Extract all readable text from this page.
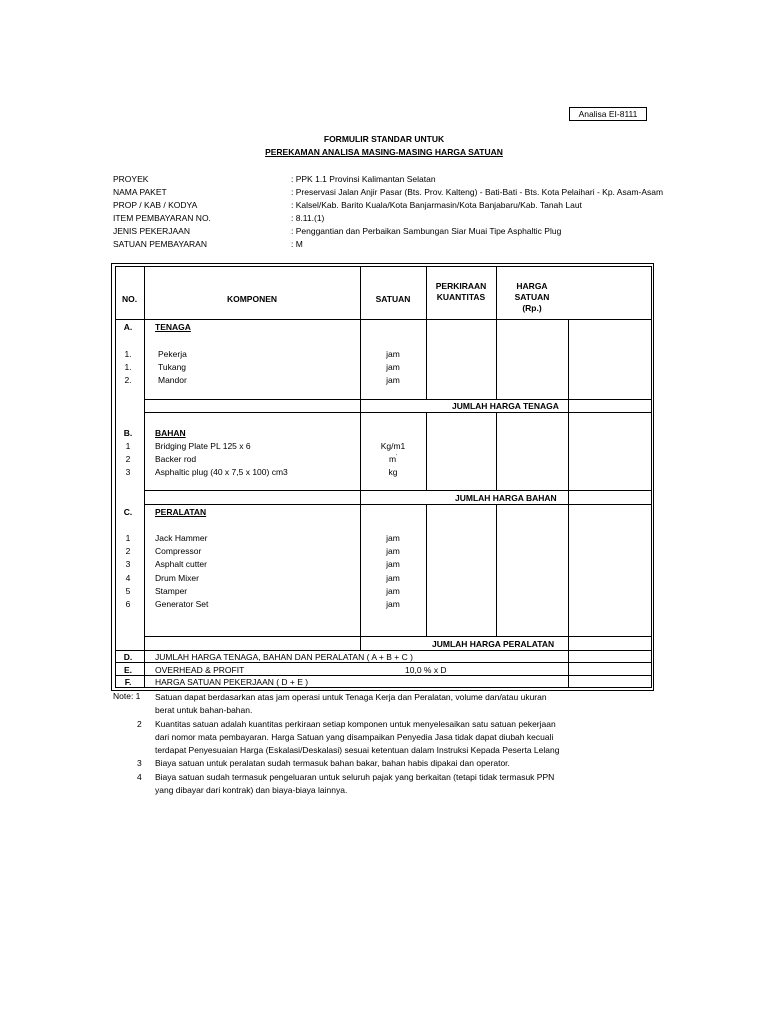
Analisa EI-8111
FORMULIR STANDAR UNTUK
PEREKAMAN ANALISA MASING-MASING HARGA SATUAN
PROYEK	: PPK 1.1 Provinsi Kalimantan Selatan
NAMA PAKET	: Preservasi Jalan Anjir Pasar (Bts. Prov. Kalteng) - Bati-Bati - Bts. Kota Pelaihari - Kp. Asam-Asam
PROP / KAB / KODYA	: Kalsel/Kab. Barito Kuala/Kota Banjarmasin/Kota Banjabaru/Kab. Tanah Laut
ITEM PEMBAYARAN NO.	: 8.11.(1)
JENIS PEKERJAAN	: Penggantian dan Perbaikan Sambungan Siar Muai Tipe Asphaltic Plug
SATUAN PEMBAYARAN	: M
NO.	KOMPONEN	SATUAN
PERKIRAAN KUANTITAS
HARGA SATUAN (Rp.)
A.	TENAGA
1.	Pekerja	jam
1.	Tukang	jam
2.	Mandor	jam
JUMLAH HARGA TENAGA
B.	BAHAN
1	Bridging Plate PL 125 x 6	Kg/m1
2	Backer rod	m'
3	Asphaltic plug (40 x 7,5 x 100) cm3	kg
JUMLAH HARGA BAHAN
C.	PERALATAN
1	Jack Hammer	jam
2	Compressor	jam
3	Asphalt cutter	jam
4	Drum Mixer	jam
5	Stamper	jam
6	Generator Set	jam
JUMLAH HARGA PERALATAN
D.	JUMLAH HARGA TENAGA, BAHAN DAN PERALATAN ( A + B + C )
E.	OVERHEAD & PROFIT	10,0 % x D
F.	HARGA SATUAN PEKERJAAN ( D + E )
Note: 1 Satuan dapat berdasarkan atas jam operasi untuk Tenaga Kerja dan Peralatan, volume dan/atau ukuran
berat untuk bahan-bahan.
2 Kuantitas satuan adalah kuantitas perkiraan setiap komponen untuk menyelesaikan satu satuan pekerjaan
dari nomor mata pembayaran. Harga Satuan yang disampaikan Penyedia Jasa tidak dapat diubah kecuali
terdapat Penyesuaian Harga (Eskalasi/Deskalasi) sesuai ketentuan dalam Instruksi Kepada Peserta Lelang
3 Biaya satuan untuk peralatan sudah termasuk bahan bakar, bahan habis dipakai dan operator.
4 Biaya satuan sudah termasuk pengeluaran untuk seluruh pajak yang berkaitan (tetapi tidak termasuk PPN
yang dibayar dari kontrak) dan biaya-biaya lainnya.
